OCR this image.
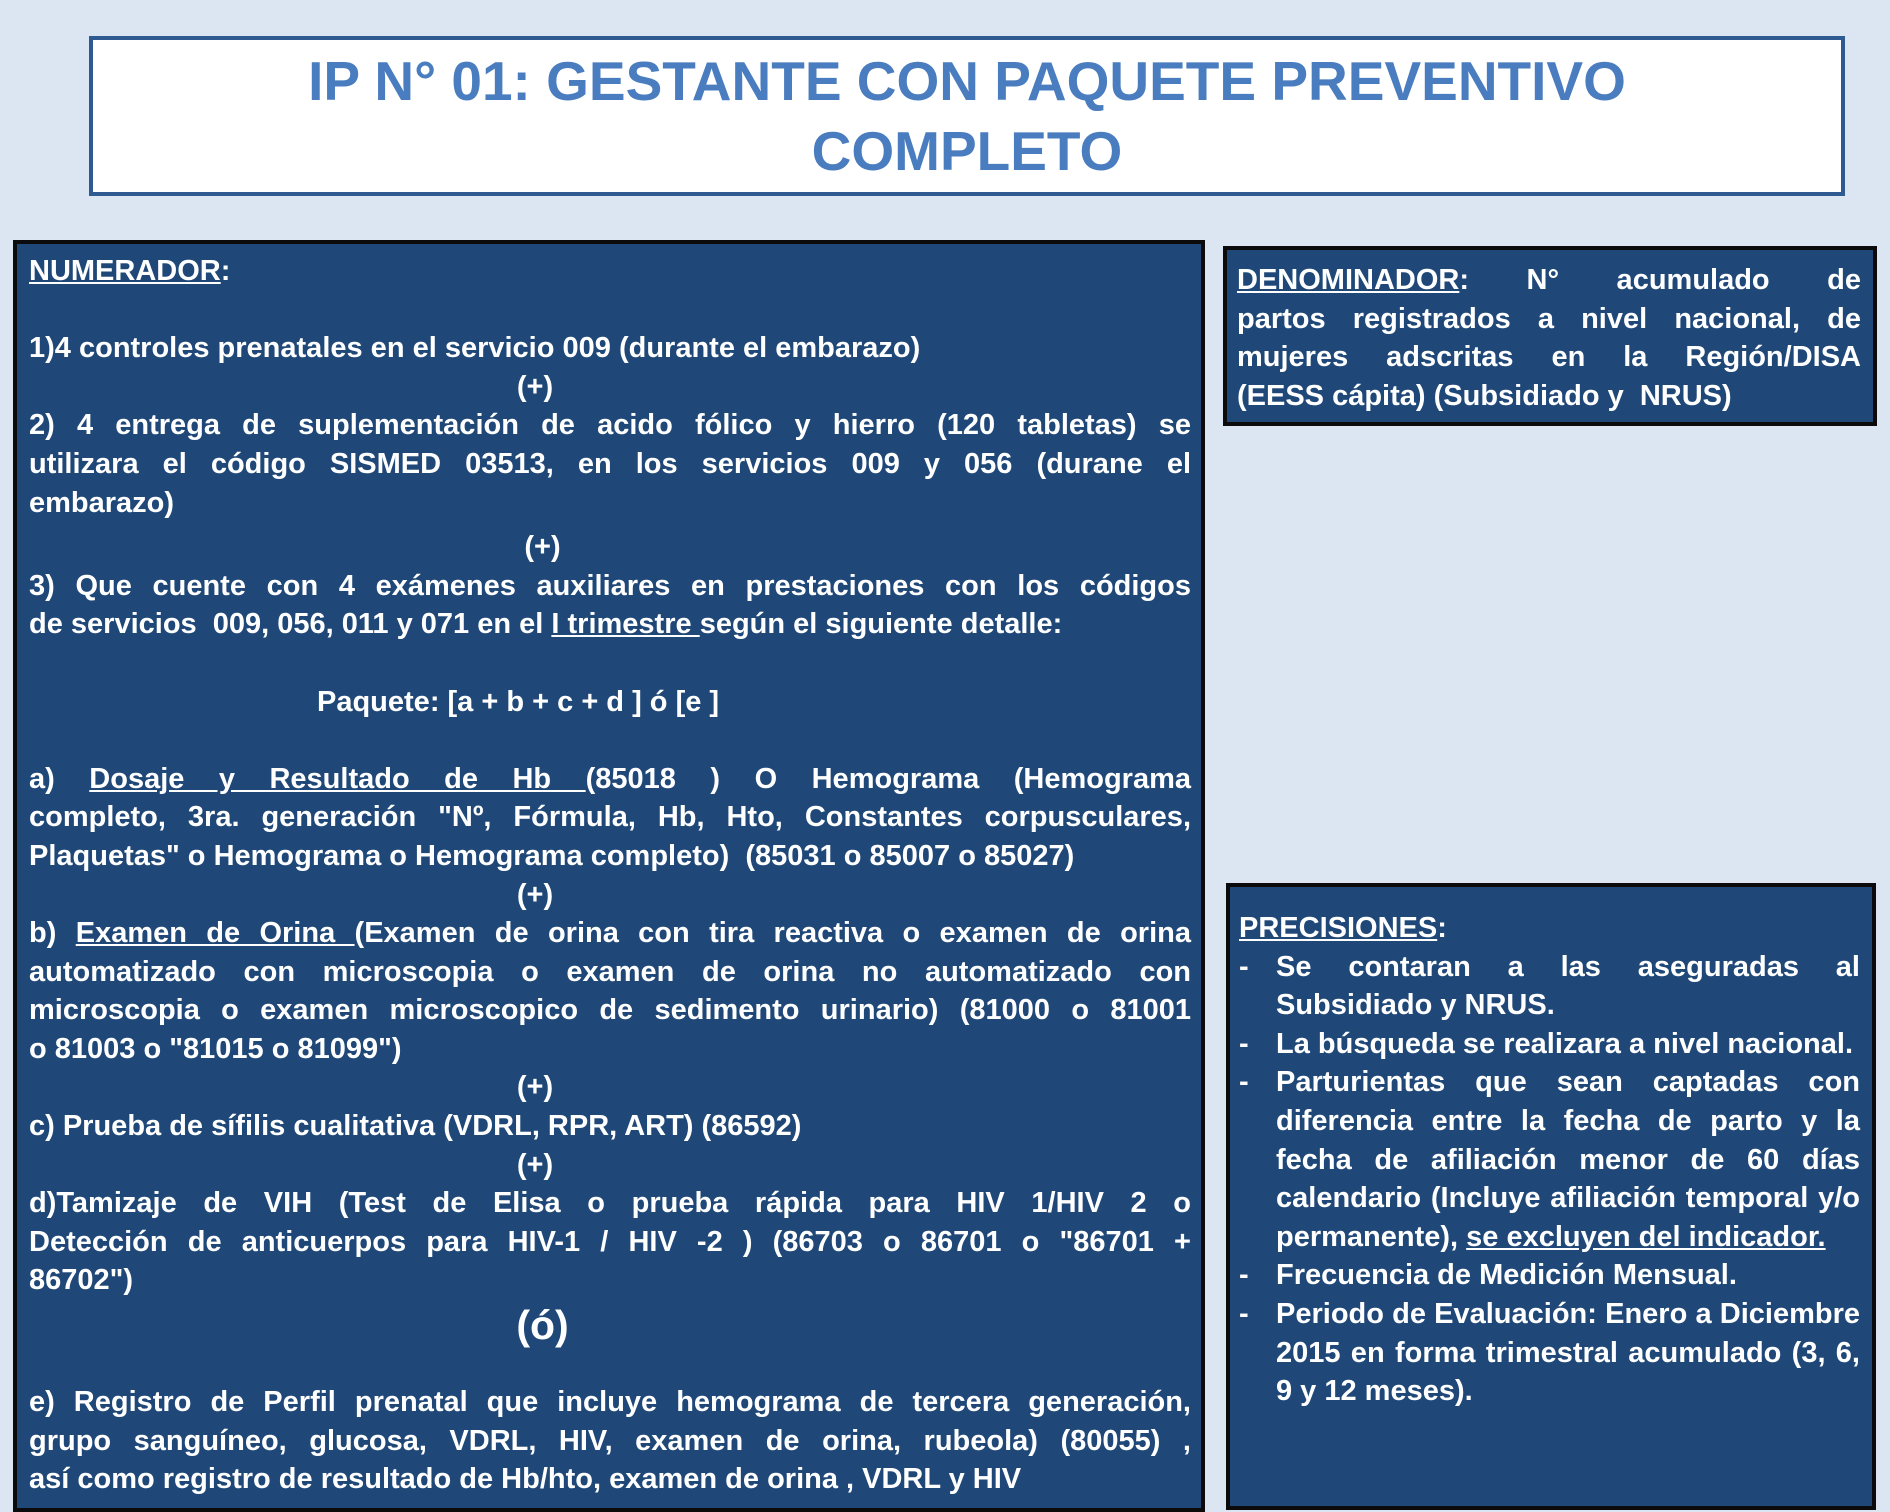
IP N° 01: GESTANTE CON PAQUETE PREVENTIVO
COMPLETO
NUMERADOR:
1)4 controles prenatales en el servicio 009 (durante el embarazo)
(+)
2) 4 entrega de suplementación de acido fólico y hierro (120 tabletas) se
utilizara el código SISMED 03513, en los servicios 009 y 056 (durane el
embarazo)
(+)
3) Que cuente con 4 exámenes auxiliares en prestaciones con los códigos
de servicios  009, 056, 011 y 071 en el I trimestre según el siguiente detalle:
Paquete: [a + b + c + d ] ó [e ]
a) Dosaje y Resultado de Hb (85018 ) O Hemograma (Hemograma
completo, 3ra. generación "Nº, Fórmula, Hb, Hto, Constantes corpusculares,
Plaquetas" o Hemograma o Hemograma completo)  (85031 o 85007 o 85027)
(+)
b) Examen de Orina (Examen de orina con tira reactiva o examen de orina
automatizado con microscopia o examen de orina no automatizado con
microscopia o examen microscopico de sedimento urinario) (81000 o 81001
o 81003 o "81015 o 81099")
(+)
c) Prueba de sífilis cualitativa (VDRL, RPR, ART) (86592)
(+)
d)Tamizaje de VIH (Test de Elisa o prueba rápida para HIV 1/HIV 2 o
Detección de anticuerpos para HIV-1 / HIV -2 ) (86703 o 86701 o "86701 +
86702")
(ó)
e) Registro de Perfil prenatal que incluye hemograma de tercera generación,
grupo sanguíneo, glucosa, VDRL, HIV, examen de orina, rubeola) (80055) ,
así como registro de resultado de Hb/hto, examen de orina , VDRL y HIV
DENOMINADOR: N° acumulado de
partos registrados a nivel nacional, de
mujeres adscritas en la Región/DISA
(EESS cápita) (Subsidiado y  NRUS)
PRECISIONES:
- Se contaran a las aseguradas al Subsidiado y NRUS.
- La búsqueda se realizara a nivel nacional.
- Parturientas que sean captadas con diferencia entre la fecha de parto y la fecha de afiliación menor de 60 días calendario (Incluye afiliación temporal y/o permanente), se excluyen del indicador.
- Frecuencia de Medición Mensual.
- Periodo de Evaluación: Enero a Diciembre 2015 en forma trimestral acumulado (3, 6, 9 y 12 meses).
